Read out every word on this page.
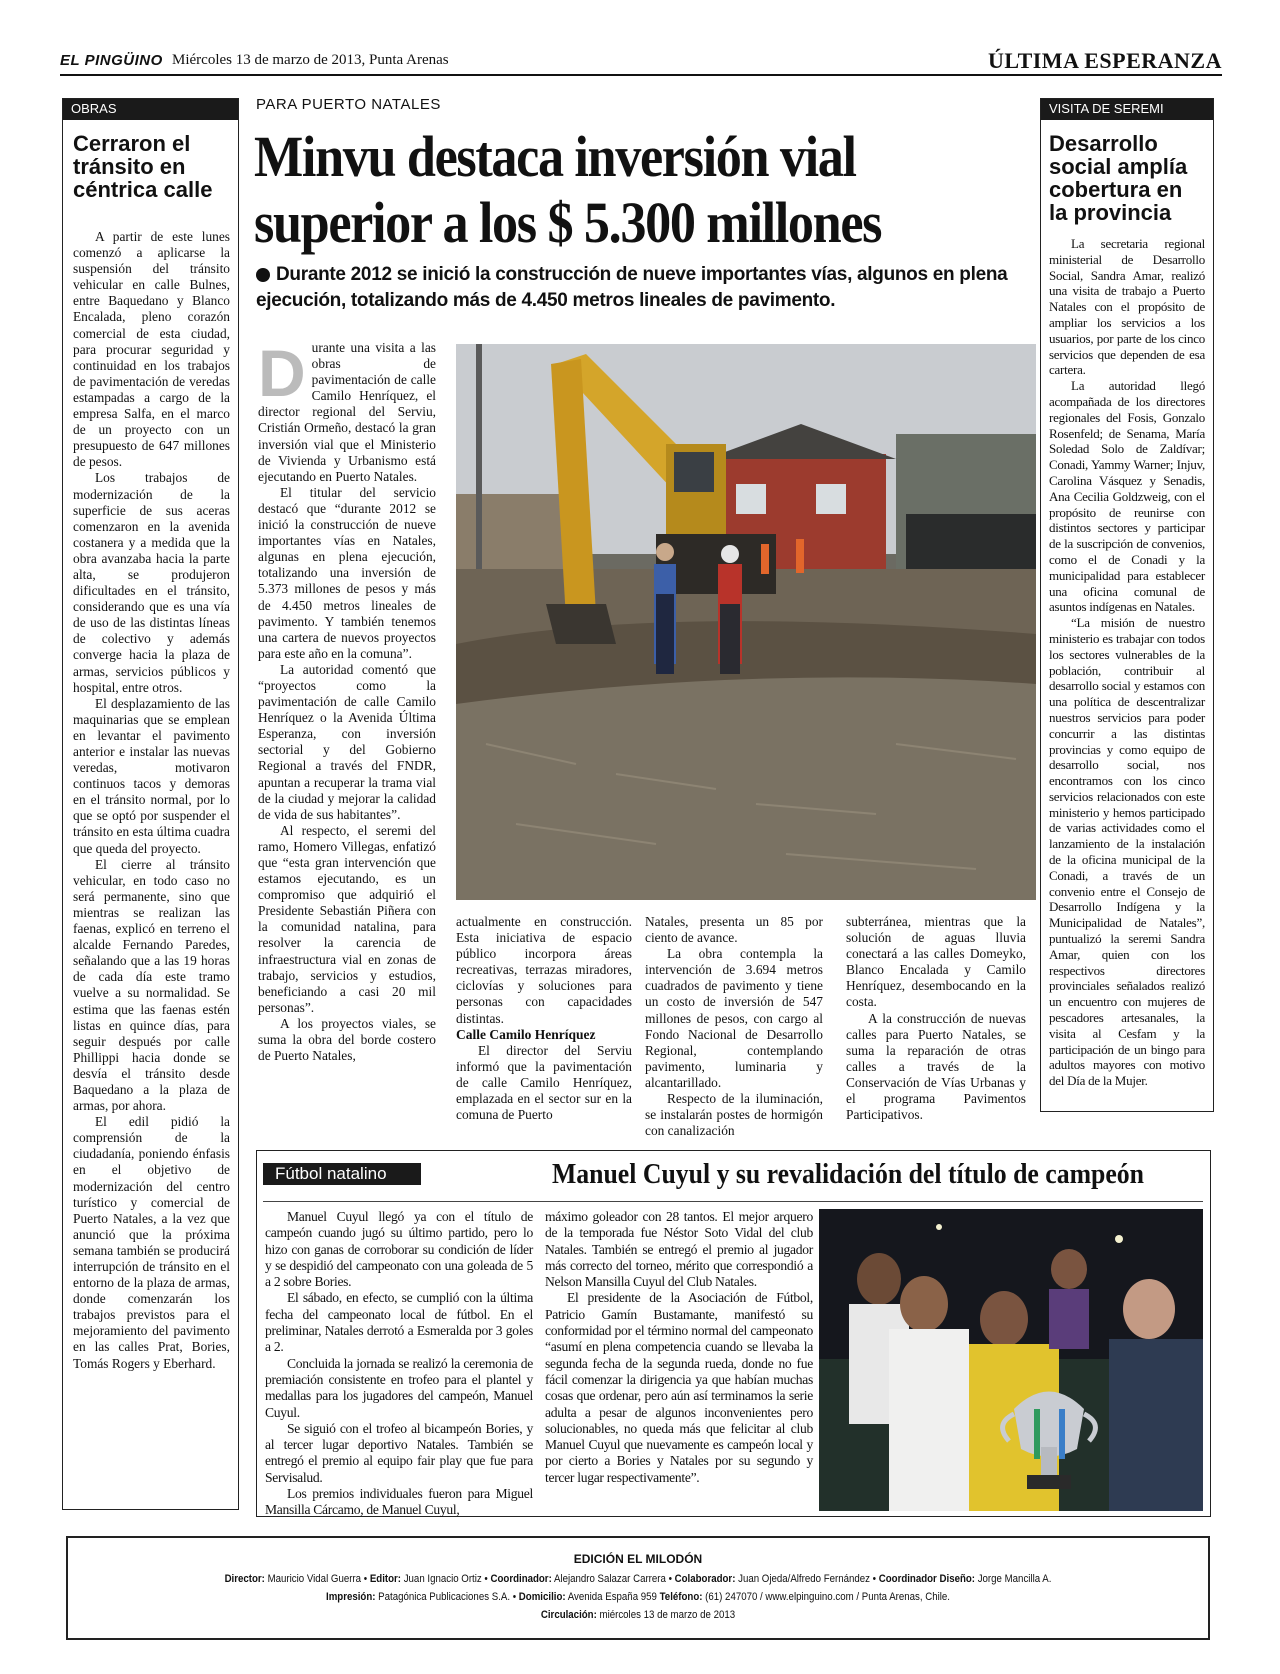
EL PINGÜINO Miércoles 13 de marzo de 2013, Punta Arenas	ÚLTIMA ESPERANZA
OBRAS
Cerraron el tránsito en céntrica calle

A partir de este lunes comenzó a aplicarse la suspensión del tránsito vehicular en calle Bulnes, entre Baquedano y Blanco Encalada, pleno corazón comercial de esta ciudad, para procurar seguridad y continuidad en los trabajos de pavimentación de veredas estampadas a cargo de la empresa Salfa, en el marco de un proyecto con un presupuesto de 647 millones de pesos.

Los trabajos de modernización de la superficie de sus aceras comenzaron en la avenida costanera y a medida que la obra avanzaba hacia la parte alta, se produjeron dificultades en el tránsito, considerando que es una vía de uso de las distintas líneas de colectivo y además converge hacia la plaza de armas, servicios públicos y hospital, entre otros.

El desplazamiento de las maquinarias que se emplean en levantar el pavimento anterior e instalar las nuevas veredas, motivaron continuos tacos y demoras en el tránsito normal, por lo que se optó por suspender el tránsito en esta última cuadra que queda del proyecto.

El cierre al tránsito vehicular, en todo caso no será permanente, sino que mientras se realizan las faenas, explicó en terreno el alcalde Fernando Paredes, señalando que a las 19 horas de cada día este tramo vuelve a su normalidad. Se estima que las faenas estén listas en quince días, para seguir después por calle Phillippi hacia donde se desvía el tránsito desde Baquedano a la plaza de armas, por ahora.

El edil pidió la comprensión de la ciudadanía, poniendo énfasis en el objetivo de modernización del centro turístico y comercial de Puerto Natales, a la vez que anunció que la próxima semana también se producirá interrupción de tránsito en el entorno de la plaza de armas, donde comenzarán los trabajos previstos para el mejoramiento del pavimento en las calles Prat, Bories, Tomás Rogers y Eberhard.

PARA PUERTO NATALES
Minvu destaca inversión vial superior a los $ 5.300 millones
Durante 2012 se inició la construcción de nueve importantes vías, algunos en plena ejecución, totalizando más de 4.450 metros lineales de pavimento.
D urante una visita a las obras de pavimentación de calle Camilo Henríquez, el director regional del Serviu, Cristián Ormeño, destacó la gran inversión vial que el Ministerio de Vivienda y Urbanismo está ejecutando en Puerto Natales.

El titular del servicio destacó que “durante 2012 se inició la construcción de nueve importantes vías en Natales, algunas en plena ejecución, totalizando una inversión de 5.373 millones de pesos y más de 4.450 metros lineales de pavimento. Y también tenemos una cartera de nuevos proyectos para este año en la comuna”.

La autoridad comentó que “proyectos como la pavimentación de calle Camilo Henríquez o la Avenida Última Esperanza, con inversión sectorial y del Gobierno Regional a través del FNDR, apuntan a recuperar la trama vial de la ciudad y mejorar la calidad de vida de sus habitantes”.

Al respecto, el seremi del ramo, Homero Villegas, enfatizó que “esta gran intervención que estamos ejecutando, es un compromiso que adquirió el Presidente Sebastián Piñera con la comunidad natalina, para resolver la carencia de infraestructura vial en zonas de trabajo, servicios y estudios, beneficiando a casi 20 mil personas”.

A los proyectos viales, se suma la obra del borde costero de Puerto Natales,

actualmente en construcción. Esta iniciativa de espacio público incorpora áreas recreativas, terrazas miradores, ciclovías y soluciones para personas con capacidades distintas.

Calle Camilo Henríquez

El director del Serviu informó que la pavimentación de calle Camilo Henríquez, emplazada en el sector sur en la comuna de Puerto

Natales, presenta un 85 por ciento de avance.

La obra contempla la intervención de 3.694 metros cuadrados de pavimento y tiene un costo de inversión de 547 millones de pesos, con cargo al Fondo Nacional de Desarrollo Regional, contemplando pavimento, luminaria y alcantarillado.

Respecto de la iluminación, se instalarán postes de hormigón con canalización

subterránea, mientras que la solución de aguas lluvia conectará a las calles Domeyko, Blanco Encalada y Camilo Henríquez, desembocando en la costa.

A la construcción de nuevas calles para Puerto Natales, se suma la reparación de otras calles a través de la Conservación de Vías Urbanas y el programa Pavimentos Participativos.

VISITA DE SEREMI
Desarrollo social amplía cobertura en la provincia

La secretaria regional ministerial de Desarrollo Social, Sandra Amar, realizó una visita de trabajo a Puerto Natales con el propósito de ampliar los servicios a los usuarios, por parte de los cinco servicios que dependen de esa cartera.

La autoridad llegó acompañada de los directores regionales del Fosis, Gonzalo Rosenfeld; de Senama, María Soledad Solo de Zaldívar; Conadi, Yammy Warner; Injuv, Carolina Vásquez y Senadis, Ana Cecilia Goldzweig, con el propósito de reunirse con distintos sectores y participar de la suscripción de convenios, como el de Conadi y la municipalidad para establecer una oficina comunal de asuntos indígenas en Natales.

“La misión de nuestro ministerio es trabajar con todos los sectores vulnerables de la población, contribuir al desarrollo social y estamos con una política de descentralizar nuestros servicios para poder concurrir a las distintas provincias y como equipo de desarrollo social, nos encontramos con los cinco servicios relacionados con este ministerio y hemos participado de varias actividades como el lanzamiento de la instalación de la oficina municipal de la Conadi, a través de un convenio entre el Consejo de Desarrollo Indígena y la Municipalidad de Natales”, puntualizó la seremi Sandra Amar, quien con los respectivos directores provinciales señalados realizó un encuentro con mujeres de pescadores artesanales, la visita al Cesfam y la participación de un bingo para adultos mayores con motivo del Día de la Mujer.

Fútbol natalino	Manuel Cuyul y su revalidación del título de campeón

Manuel Cuyul llegó ya con el título de campeón cuando jugó su último partido, pero lo hizo con ganas de corroborar su condición de líder y se despidió del campeonato con una goleada de 5 a 2 sobre Bories.

El sábado, en efecto, se cumplió con la última fecha del campeonato local de fútbol. En el preliminar, Natales derrotó a Esmeralda por 3 goles a 2.

Concluida la jornada se realizó la ceremonia de premiación consistente en trofeo para el plantel y medallas para los jugadores del campeón, Manuel Cuyul.

Se siguió con el trofeo al bicampeón Bories, y al tercer lugar deportivo Natales. También se entregó el premio al equipo fair play que fue para Servisalud.

Los premios individuales fueron para Miguel Mansilla Cárcamo, de Manuel Cuyul,

máximo goleador con 28 tantos. El mejor arquero de la temporada fue Néstor Soto Vidal del club Natales. También se entregó el premio al jugador más correcto del torneo, mérito que correspondió a Nelson Mansilla Cuyul del Club Natales.

El presidente de la Asociación de Fútbol, Patricio Gamín Bustamante, manifestó su conformidad por el término normal del campeonato “asumí en plena competencia cuando se llevaba la segunda fecha de la segunda rueda, donde no fue fácil comenzar la dirigencia ya que habían muchas cosas que ordenar, pero aún así terminamos la serie adulta a pesar de algunos inconvenientes pero solucionables, no queda más que felicitar al club Manuel Cuyul que nuevamente es campeón local y por cierto a Bories y Natales por su segundo y tercer lugar respectivamente”.

EDICIÓN EL MILODÓN
Director: Mauricio Vidal Guerra • Editor: Juan Ignacio Ortiz • Coordinador: Alejandro Salazar Carrera • Colaborador: Juan Ojeda/Alfredo Fernández • Coordinador Diseño: Jorge Mancilla A.
Impresión: Patagónica Publicaciones S.A. • Domicilio: Avenida España 959 Teléfono: (61) 247070 / www.elpinguino.com / Punta Arenas, Chile.
Circulación: miércoles 13 de marzo de 2013
